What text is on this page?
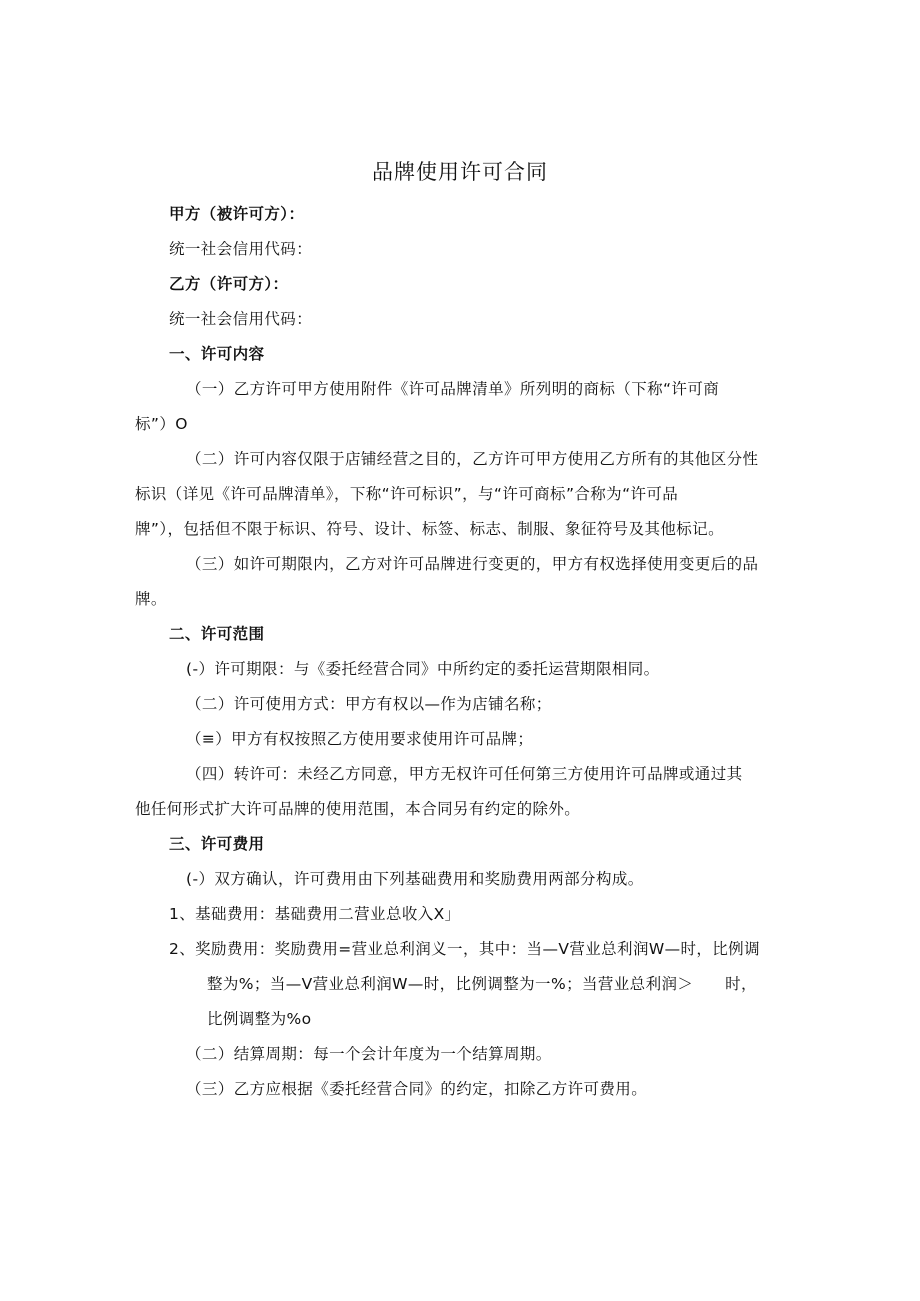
品牌使用许可合同
甲方（被许可方）：
统一社会信用代码：
乙方（许可方）：
统一社会信用代码：
一、许可内容
（一）乙方许可甲方使用附件《许可品牌清单》所列明的商标（下称“许可商
标”）O
（二）许可内容仅限于店铺经营之目的，乙方许可甲方使用乙方所有的其他区分性
标识（详见《许可品牌清单》，下称“许可标识”，与“许可商标”合称为“许可品
牌”），包括但不限于标识、符号、设计、标签、标志、制服、象征符号及其他标记。
（三）如许可期限内，乙方对许可品牌进行变更的，甲方有权选择使用变更后的品
牌。
二、许可范围
(-）许可期限：与《委托经营合同》中所约定的委托运营期限相同。
（二）许可使用方式：甲方有权以—作为店铺名称；
（≡）甲方有权按照乙方使用要求使用许可品牌；
（四）转许可：未经乙方同意，甲方无权许可任何第三方使用许可品牌或通过其
他任何形式扩大许可品牌的使用范围，本合同另有约定的除外。
三、许可费用
(-）双方确认，许可费用由下列基础费用和奖励费用两部分构成。
1、基础费用：基础费用二营业总收入X」
2、奖励费用：奖励费用=营业总利润义一，其中：当—V营业总利润W—时，比例调
整为%；当—V营业总利润W—时，比例调整为一%；当营业总利润＞　　时，
比例调整为%o
（二）结算周期：每一个会计年度为一个结算周期。
（三）乙方应根据《委托经营合同》的约定，扣除乙方许可费用。
